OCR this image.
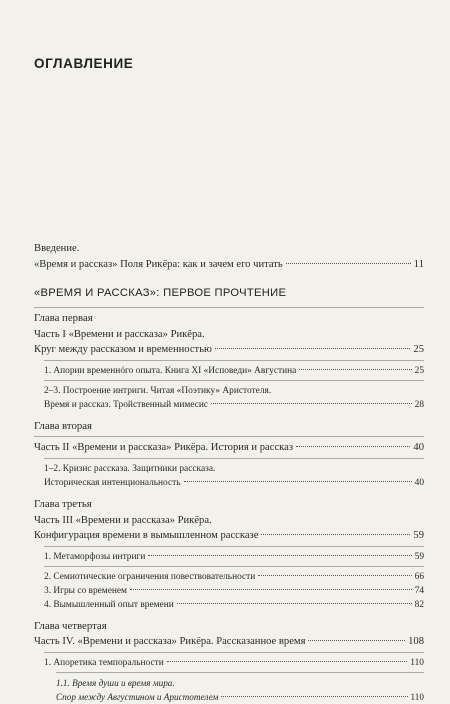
ОГЛАВЛЕНИЕ
Введение.
«Время и рассказ» Поля Рикёра: как и зачем его читать	11
«ВРЕМЯ И РАССКАЗ»: ПЕРВОЕ ПРОЧТЕНИЕ
Глава первая
Часть I «Времени и рассказа» Рикёра.
Круг между рассказом и временностью	25
1. Апории временнóго опыта. Книга XI «Исповеди» Августина	25
2–3. Построение интриги. Читая «Поэтику» Аристотеля.
Время и рассказ. Тройственный мимесис	28
Глава вторая
Часть II «Времени и рассказа» Рикёра. История и рассказ	40
1–2. Кризис рассказа. Защитники рассказа.
Историческая интенциональность	40
Глава третья
Часть III «Времени и рассказа» Рикёра.
Конфигурация времени в вымышленном рассказе	59
1. Метаморфозы интриги	59
2. Семиотические ограничения повествовательности	66
3. Игры со временем	74
4. Вымышленный опыт времени	82
Глава четвертая
Часть IV. «Времени и рассказа» Рикёра. Рассказанное время	108
1. Апоретика темпоральности	110
1.1. Время души и время мира.
Спор между Августином и Аристотелем	110
